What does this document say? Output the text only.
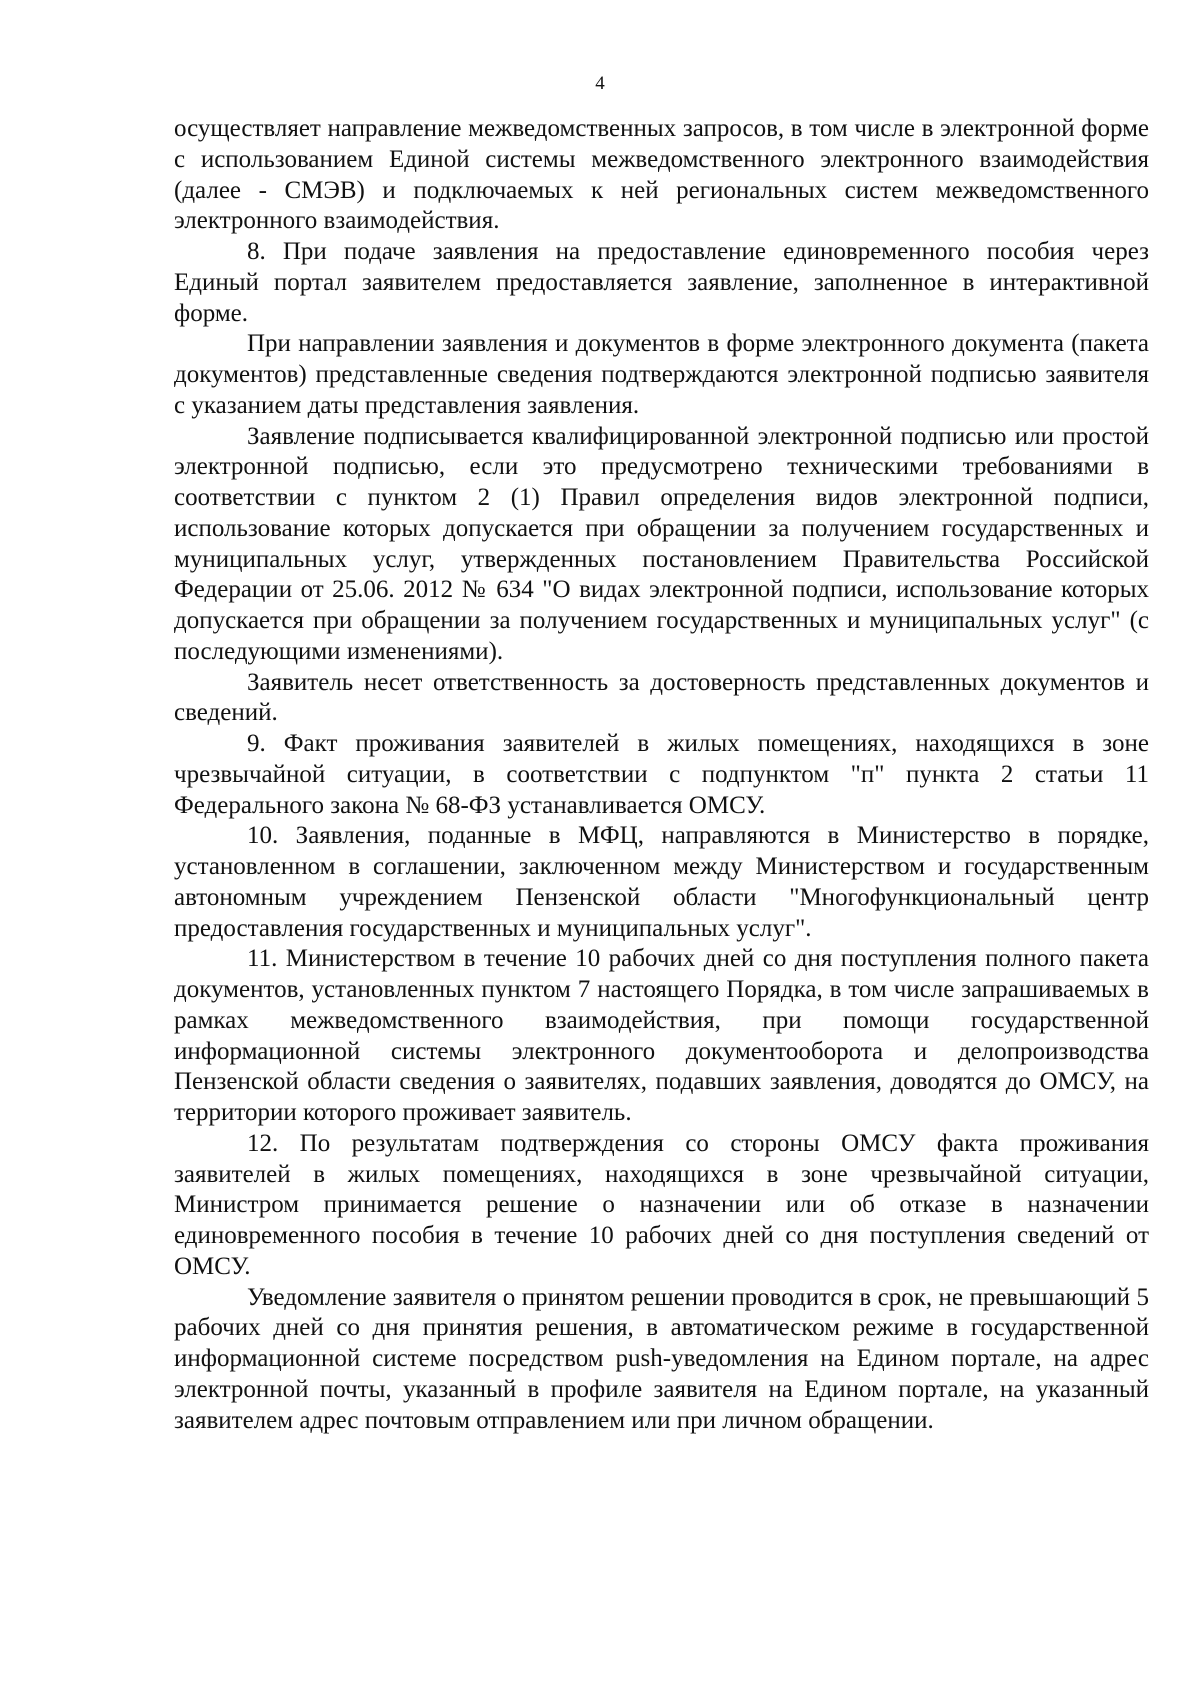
4

осуществляет направление межведомственных запросов, в том числе в электронной форме с использованием Единой системы межведомственного электронного взаимодействия (далее - СМЭВ) и подключаемых к ней региональных систем межведомственного электронного взаимодействия.

8. При подаче заявления на предоставление единовременного пособия через Единый портал заявителем предоставляется заявление, заполненное в интерактивной форме.

При направлении заявления и документов в форме электронного документа (пакета документов) представленные сведения подтверждаются электронной подписью заявителя с указанием даты представления заявления.

Заявление подписывается квалифицированной электронной подписью или простой электронной подписью, если это предусмотрено техническими требованиями в соответствии с пунктом 2 (1) Правил определения видов электронной подписи, использование которых допускается при обращении за получением государственных и муниципальных услуг, утвержденных постановлением Правительства Российской Федерации от 25.06. 2012 № 634 "О видах электронной подписи, использование которых допускается при обращении за получением государственных и муниципальных услуг" (с последующими изменениями).

Заявитель несет ответственность за достоверность представленных документов и сведений.

9. Факт проживания заявителей в жилых помещениях, находящихся в зоне чрезвычайной ситуации, в соответствии с подпунктом "п" пункта 2 статьи 11 Федерального закона № 68-ФЗ устанавливается ОМСУ.

10. Заявления, поданные в МФЦ, направляются в Министерство в порядке, установленном в соглашении, заключенном между Министерством и государственным автономным учреждением Пензенской области "Многофункциональный центр предоставления государственных и муниципальных услуг".

11. Министерством в течение 10 рабочих дней со дня поступления полного пакета документов, установленных пунктом 7 настоящего Порядка, в том числе запрашиваемых в рамках межведомственного взаимодействия, при помощи государственной информационной системы электронного документооборота и делопроизводства Пензенской области сведения о заявителях, подавших заявления, доводятся до ОМСУ, на территории которого проживает заявитель.

12. По результатам подтверждения со стороны ОМСУ факта проживания заявителей в жилых помещениях, находящихся в зоне чрезвычайной ситуации, Министром принимается решение о назначении или об отказе в назначении единовременного пособия в течение 10 рабочих дней со дня поступления сведений от ОМСУ.

Уведомление заявителя о принятом решении проводится в срок, не превышающий 5 рабочих дней со дня принятия решения, в автоматическом режиме в государственной информационной системе посредством push-уведомления на Едином портале, на адрес электронной почты, указанный в профиле заявителя на Едином портале, на указанный заявителем адрес почтовым отправлением или при личном обращении.
